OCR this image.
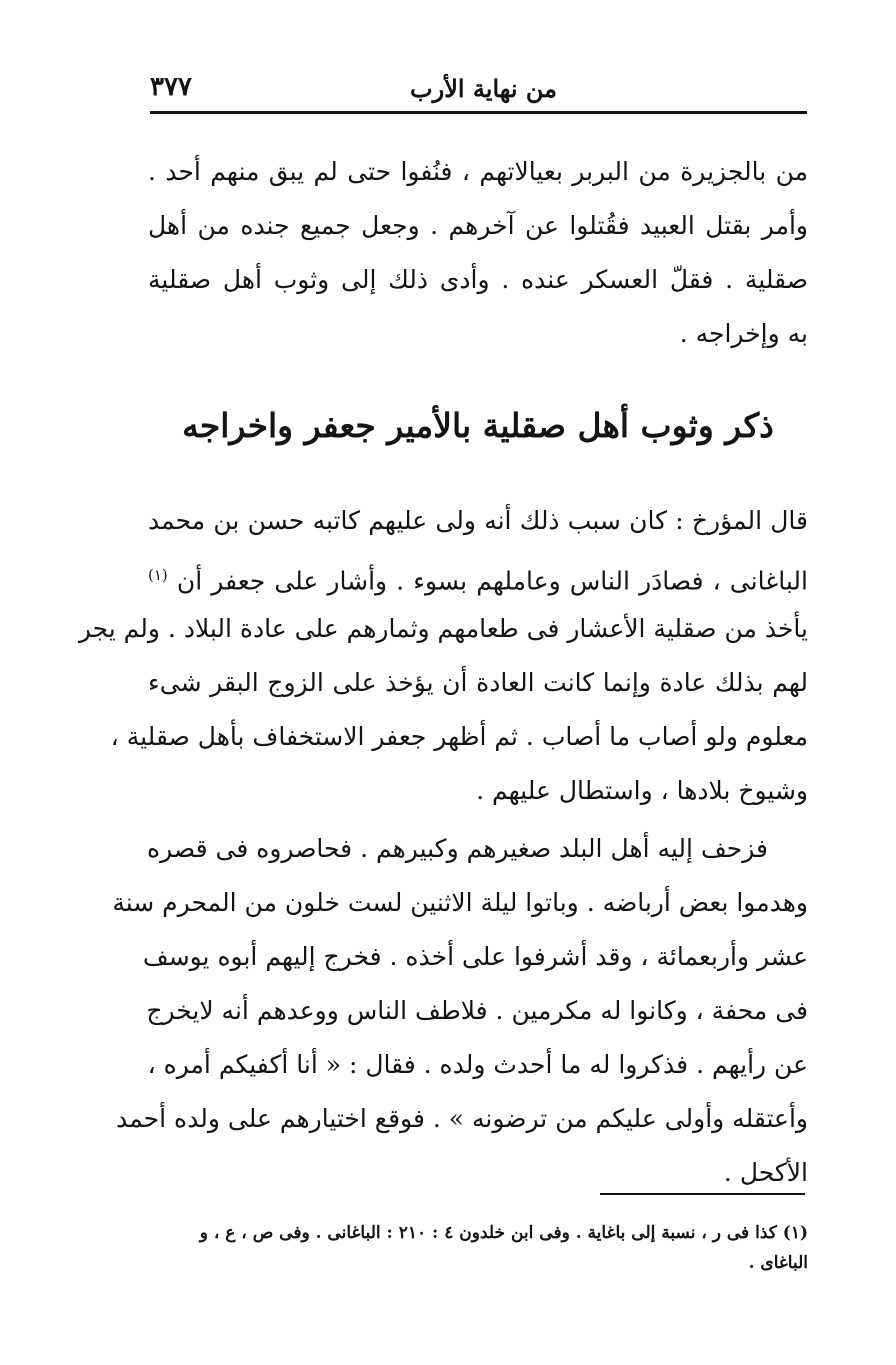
من نهاية الأرب
٣٧٧
من بالجزيرة من البربر بعيالاتهم ، فنُفوا حتى لم يبق منهم أحد .
وأمر بقتل العبيد فقُتلوا عن آخرهم . وجعل جميع جنده من أهل
صقلية . فقلّ العسكر عنده . وأدى ذلك إلى وثوب أهل صقلية
به وإخراجه .
ذكر وثوب أهل صقلية بالأمير جعفر واخراجه
قال المؤرخ : كان سبب ذلك أنه ولى عليهم كاتبه حسن بن محمد
الباغانى ، فصادَر الناس وعاملهم بسوء . وأشار على جعفر أن $^{(١)}$
يأخذ من صقلية الأعشار فى طعامهم وثمارهم على عادة البلاد . ولم يجر
لهم بذلك عادة وإنما كانت العادة أن يؤخذ على الزوج البقر شىء
معلوم ولو أصاب ما أصاب . ثم أظهر جعفر الاستخفاف بأهل صقلية ،
وشيوخ بلادها ، واستطال عليهم .
فزحف إليه أهل البلد صغيرهم وكبيرهم . فحاصروه فى قصره
وهدموا بعض أرباضه . وباتوا ليلة الاثنين لست خلون من المحرم سنة
عشر وأربعمائة ، وقد أشرفوا على أخذه . فخرج إليهم أبوه يوسف
فى محفة ، وكانوا له مكرمين . فلاطف الناس ووعدهم أنه لايخرج
عن رأيهم . فذكروا له ما أحدث ولده . فقال : « أنا أكفيكم أمره ،
وأعتقله وأولى عليكم من ترضونه » . فوقع اختيارهم على ولده أحمد
الأكحل .
(١) كذا فى ر ، نسبة إلى باغاية . وفى ابن خلدون ٤ : ٢١٠ : الباغانى . وفى ص ، ع ، و
الباغاى .
